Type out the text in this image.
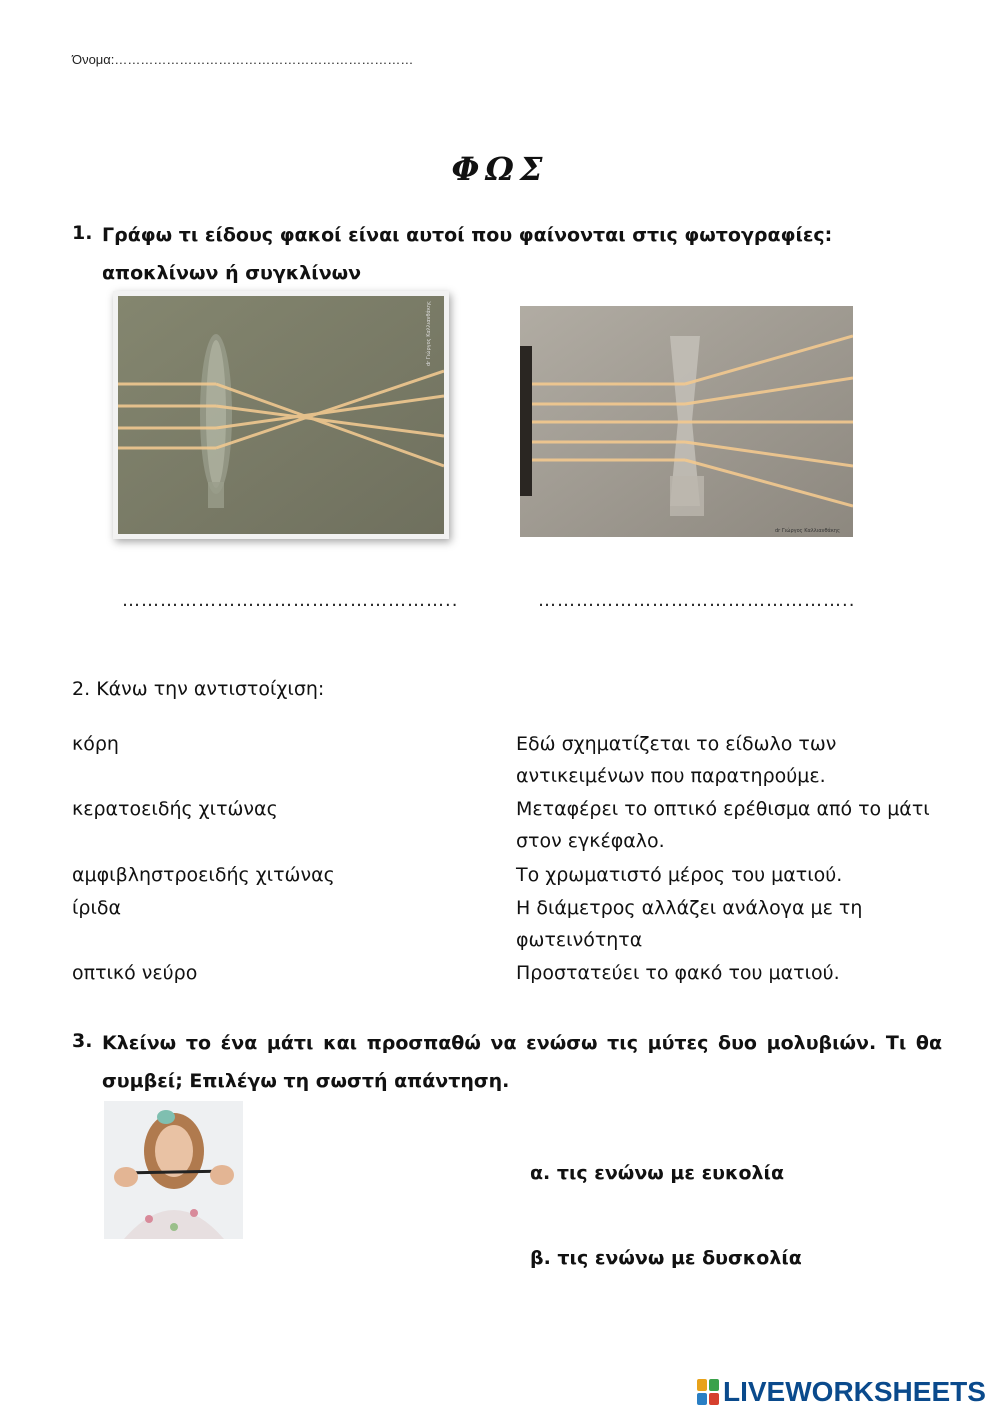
Όνομα:……………………………………………………………
ΦΩΣ
1. Γράφω τι είδους φακοί είναι αυτοί που φαίνονται στις φωτογραφίες:
αποκλίνων ή συγκλίνων
dr Γιώργος Καλλιανθάκης
dr Γιώργος Καλλιανθάκης
……………………………………………..	…………………………………………..
2. Κάνω την αντιστοίχιση:
κόρη
κερατοειδής χιτώνας
αμφιβληστροειδής χιτώνας
ίριδα
οπτικό νεύρο
Εδώ σχηματίζεται το είδωλο των αντικειμένων που παρατηρούμε.
Μεταφέρει το οπτικό ερέθισμα από το μάτι στον εγκέφαλο.
Το χρωματιστό μέρος του ματιού.
Η διάμετρος αλλάζει ανάλογα με τη φωτεινότητα
Προστατεύει το φακό του ματιού.
3. Κλείνω το ένα μάτι και προσπαθώ να ενώσω τις μύτες δυο μολυβιών. Τι θα συμβεί; Επιλέγω τη σωστή απάντηση.
α. τις ενώνω με ευκολία
β. τις ενώνω με δυσκολία
LIVEWORKSHEETS
